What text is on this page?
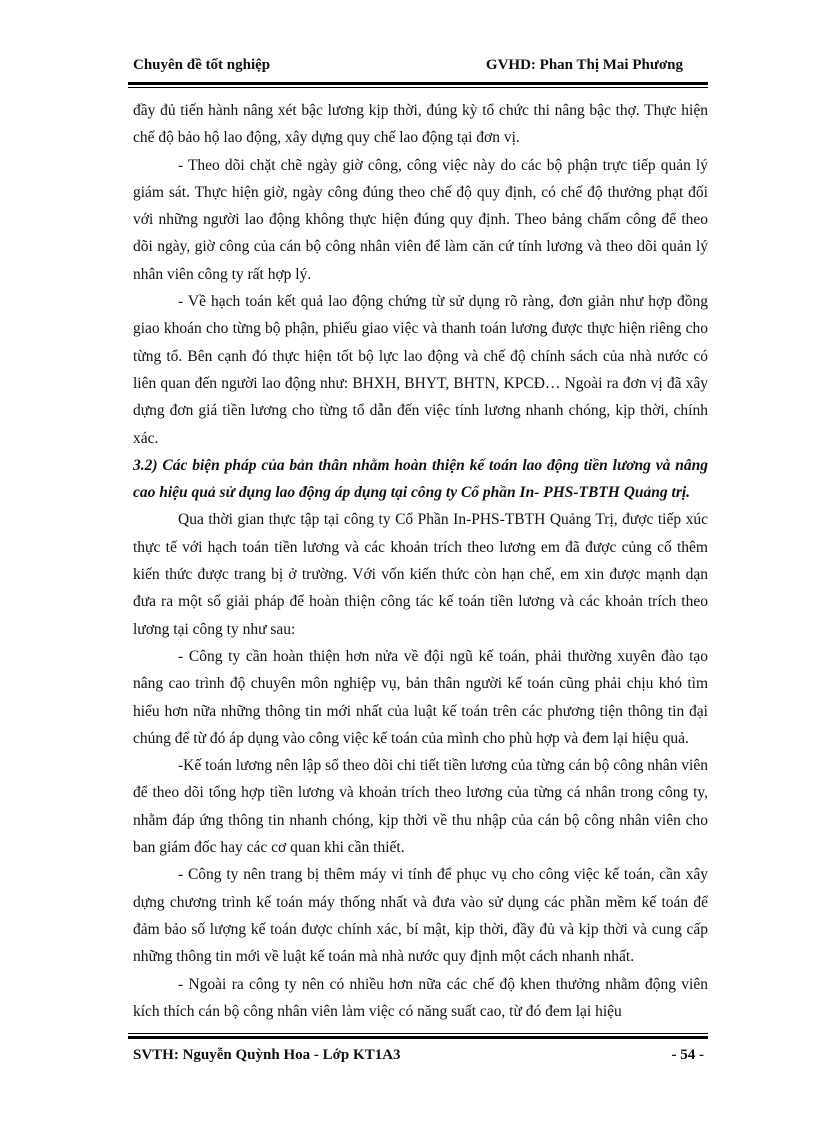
Chuyên đề tốt nghiệp	GVHD: Phan Thị Mai Phương

đầy đủ tiến hành nâng xét bậc lương kịp thời, đúng kỳ tổ chức thi nâng bậc thợ. Thực hiện chế độ bảo hộ lao động, xây dựng quy chế lao động tại đơn vị.

- Theo dõi chặt chẽ ngày giờ công, công việc này do các bộ phận trực tiếp quản lý giám sát. Thực hiện giờ, ngày công đúng theo chế độ quy định, có chế độ thưởng phạt đối với những người lao động không thực hiện đúng quy định. Theo bảng chấm công để theo dõi ngày, giờ công của cán bộ công nhân viên để làm căn cứ tính lương và theo dõi quản lý nhân viên công ty rất hợp lý.

- Về hạch toán kết quả lao động chứng từ sử dụng rõ ràng, đơn giản như hợp đồng giao khoán cho từng bộ phận, phiếu giao việc và thanh toán lương được thực hiện riêng cho từng tổ. Bên cạnh đó thực hiện tốt bộ lực lao động và chế độ chính sách của nhà nước có liên quan đến người lao động như: BHXH, BHYT, BHTN, KPCĐ… Ngoài ra đơn vị đã xây dựng đơn giá tiền lương cho từng tổ dẫn đến việc tính lương nhanh chóng, kịp thời, chính xác.

3.2) Các biện pháp của bản thân nhằm hoàn thiện kế toán lao động tiền lương và nâng cao hiệu quả sử dụng lao động áp dụng tại công ty Cổ phần In- PHS-TBTH Quảng trị.

Qua thời gian thực tập tại công ty Cổ Phần In-PHS-TBTH Quảng Trị, được tiếp xúc thực tế với hạch toán tiền lương và các khoản trích theo lương em đã được củng cố thêm kiến thức được trang bị ở trường. Với vốn kiến thức còn hạn chế, em xin được mạnh dạn đưa ra một số giải pháp để hoàn thiện công tác kế toán tiền lương và các khoản trích theo lương tại công ty như sau:

- Công ty cần hoàn thiện hơn nửa về đội ngũ kế toán, phải thường xuyên đào tạo nâng cao trình độ chuyên môn nghiệp vụ, bản thân người kế toán cũng phải chịu khó tìm hiểu hơn nữa những thông tin mới nhất của luật kế toán trên các phương tiện thông tin đại chúng để từ đó áp dụng vào công việc kế toán của mình cho phù hợp và đem lại hiệu quả.

-Kế toán lương nên lập sổ theo dõi chi tiết tiền lương của từng cán bộ công nhân viên để theo dõi tổng hợp tiền lương và khoản trích theo lương của từng cá nhân trong công ty, nhằm đáp ứng thông tin nhanh chóng, kịp thời về thu nhập của cán bộ công nhân viên cho ban giám đốc hay các cơ quan khi cần thiết.

- Công ty nên trang bị thêm máy vi tính để phục vụ cho công việc kế toán, cần xây dựng chương trình kế toán máy thống nhất và đưa vào sử dụng các phần mềm kế toán để đảm bảo số lượng kế toán được chính xác, bí mật, kịp thời, đầy đủ và kịp thời và cung cấp những thông tin mới về luật kế toán mà nhà nước quy định một cách nhanh nhất.

- Ngoài ra công ty nên có nhiều hơn nữa các chế độ khen thưởng nhằm động viên kích thích cán bộ công nhân viên làm việc có năng suất cao, từ đó đem lại hiệu

SVTH: Nguyễn Quỳnh Hoa - Lớp KT1A3	- 54 -
